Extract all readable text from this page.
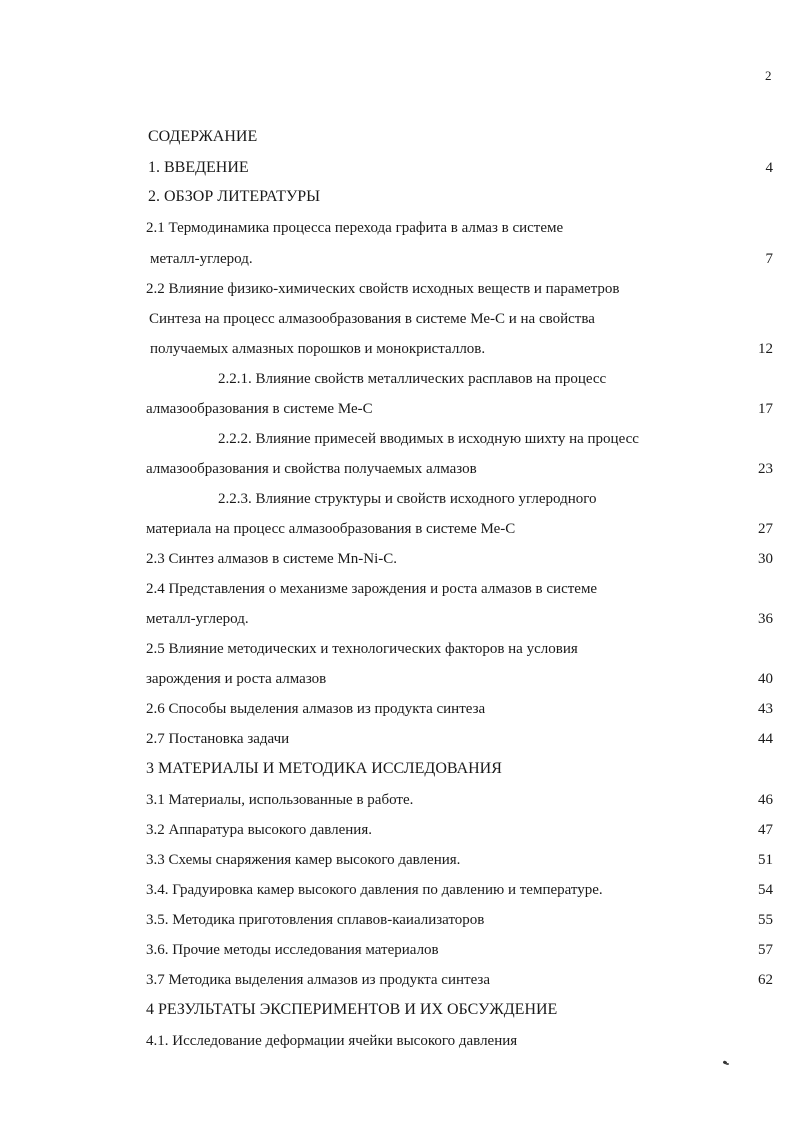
2
СОДЕРЖАНИЕ
1. ВВЕДЕНИЕ	4
2. ОБЗОР ЛИТЕРАТУРЫ
2.1 Термодинамика процесса перехода графита в алмаз в системе
металл-углерод.	7
2.2 Влияние физико-химических свойств исходных веществ и параметров
Синтеза на процесс алмазообразования в системе Ме-С и на свойства
получаемых алмазных порошков и монокристаллов.	12
2.2.1. Влияние свойств металлических расплавов на процесс
алмазообразования в системе Ме-С	17
2.2.2. Влияние примесей вводимых в исходную шихту на процесс
алмазообразования и свойства получаемых алмазов	23
2.2.3. Влияние структуры и свойств исходного углеродного
материала на процесс алмазообразования в системе Ме-С	27
2.3 Синтез алмазов в системе Mn-Ni-C.	30
2.4 Представления о механизме зарождения и роста алмазов в системе
металл-углерод.	36
2.5 Влияние методических и технологических факторов на условия
зарождения и роста алмазов	40
2.6 Способы выделения алмазов из продукта синтеза	43
2.7 Постановка задачи	44
3 МАТЕРИАЛЫ И МЕТОДИКА ИССЛЕДОВАНИЯ
3.1 Материалы, использованные в работе.	46
3.2 Аппаратура высокого давления.	47
3.3 Схемы снаряжения камер высокого давления.	51
3.4. Градуировка камер высокого давления по давлению и температуре.	54
3.5. Методика приготовления сплавов-каиализаторов	55
3.6. Прочие методы исследования материалов	57
3.7 Методика выделения алмазов из продукта синтеза	62
4 РЕЗУЛЬТАТЫ ЭКСПЕРИМЕНТОВ И ИХ ОБСУЖДЕНИЕ
4.1. Исследование деформации ячейки высокого давления
